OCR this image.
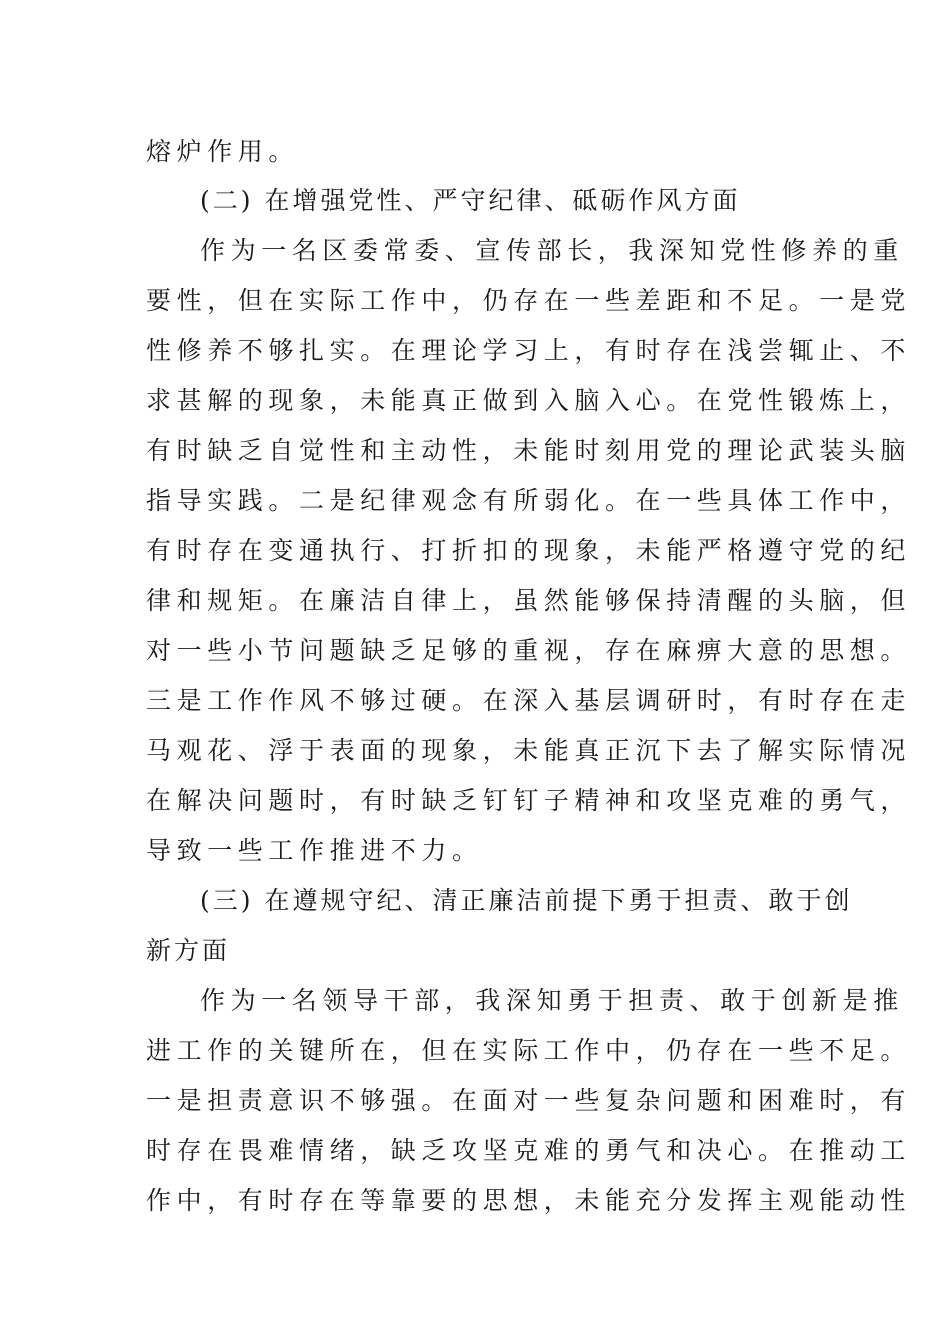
熔炉作用。
(二) 在增强党性、严守纪律、砥砺作风方面
作为一名区委常委、宣传部长，我深知党性修养的重
要性，但在实际工作中，仍存在一些差距和不足。一是党
性修养不够扎实。在理论学习上，有时存在浅尝辄止、不
求甚解的现象，未能真正做到入脑入心。在党性锻炼上，
有时缺乏自觉性和主动性，未能时刻用党的理论武装头脑
指导实践。二是纪律观念有所弱化。在一些具体工作中，
有时存在变通执行、打折扣的现象，未能严格遵守党的纪
律和规矩。在廉洁自律上，虽然能够保持清醒的头脑，但
对一些小节问题缺乏足够的重视，存在麻痹大意的思想。
三是工作作风不够过硬。在深入基层调研时，有时存在走
马观花、浮于表面的现象，未能真正沉下去了解实际情况
在解决问题时，有时缺乏钉钉子精神和攻坚克难的勇气，
导致一些工作推进不力。
(三) 在遵规守纪、清正廉洁前提下勇于担责、敢于创
新方面
作为一名领导干部，我深知勇于担责、敢于创新是推
进工作的关键所在，但在实际工作中，仍存在一些不足。
一是担责意识不够强。在面对一些复杂问题和困难时，有
时存在畏难情绪，缺乏攻坚克难的勇气和决心。在推动工
作中，有时存在等靠要的思想，未能充分发挥主观能动性
